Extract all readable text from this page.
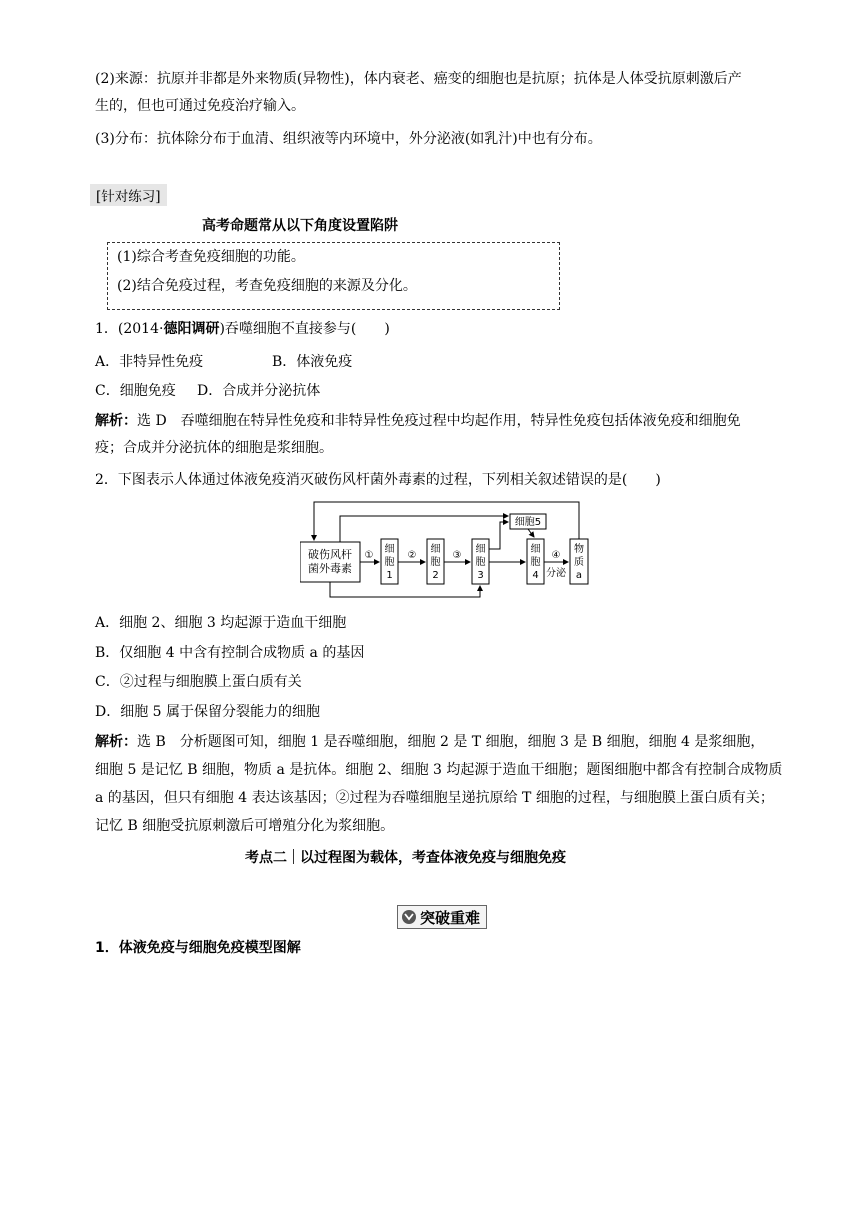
(2)来源：抗原并非都是外来物质(异物性)，体内衰老、癌变的细胞也是抗原；抗体是人体受抗原刺激后产
生的，但也可通过免疫治疗输入。
(3)分布：抗体除分布于血清、组织液等内环境中，外分泌液(如乳汁)中也有分布。
[针对练习]
高考命题常从以下角度设置陷阱
(1)综合考查免疫细胞的功能。
(2)结合免疫过程，考查免疫细胞的来源及分化。
1．(2014·德阳调研)吞噬细胞不直接参与(　　)
A．非特异性免疫	B．体液免疫
C．细胞免疫 D．合成并分泌抗体
解析：选 D　吞噬细胞在特异性免疫和非特异性免疫过程中均起作用，特异性免疫包括体液免疫和细胞免
疫；合成并分泌抗体的细胞是浆细胞。
2．下图表示人体通过体液免疫消灭破伤风杆菌外毒素的过程，下列相关叙述错误的是(　　)
破伤风杆
菌外毒素
①	②	③	④
细
胞
1
细
胞
2
细
胞
3
细
胞
4
物
质
a
细胞5
分泌
A．细胞 2、细胞 3 均起源于造血干细胞
B．仅细胞 4 中含有控制合成物质 a 的基因
C．②过程与细胞膜上蛋白质有关
D．细胞 5 属于保留分裂能力的细胞
解析：选 B　分析题图可知，细胞 1 是吞噬细胞，细胞 2 是 T 细胞，细胞 3 是 B 细胞，细胞 4 是浆细胞，
细胞 5 是记忆 B 细胞，物质 a 是抗体。细胞 2、细胞 3 均起源于造血干细胞；题图细胞中都含有控制合成物质
a 的基因，但只有细胞 4 表达该基因；②过程为吞噬细胞呈递抗原给 T 细胞的过程，与细胞膜上蛋白质有关；
记忆 B 细胞受抗原刺激后可增殖分化为浆细胞。
考点二 以过程图为载体，考查体液免疫与细胞免疫
突破重难
1．体液免疫与细胞免疫模型图解
